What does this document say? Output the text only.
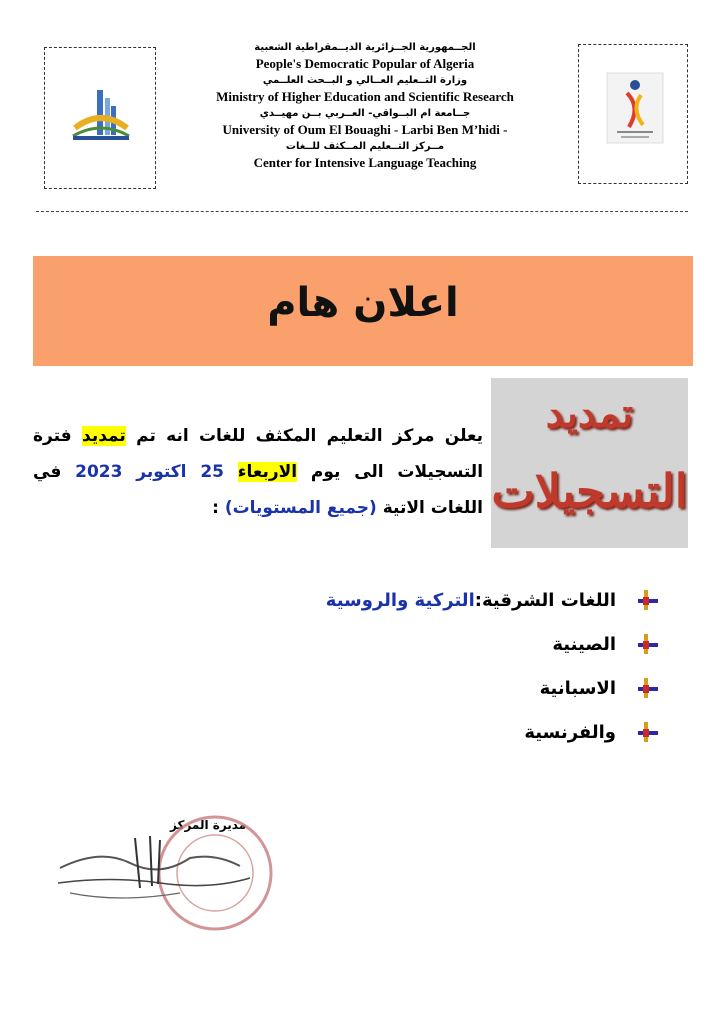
الجــمهورية الجــزائرية الديــمقراطية الشعبية
People's Democratic Popular of Algeria
وزارة التــعليم العــالي و البــحث العلــمي
Ministry of Higher Education and Scientific Research
جــامعة ام البــواقي- العــربي بــن مهيــدي
University of Oum El Bouaghi - Larbi Ben M’hidi -
مــركز التــعليم المــكثف للــغات
Center for Intensive Language Teaching
اعلان هام
تمديد
التسجيلات
يعلن مركز التعليم المكثف للغات انه تم تمديد فترة التسجيلات الى يوم الاربعاء 25 اكتوبر 2023 في اللغات الاتية (جميع المستويات) :
اللغات الشرقية:
التركية والروسية
الصينية
الاسبانية
والفرنسية
مديرة المركز
